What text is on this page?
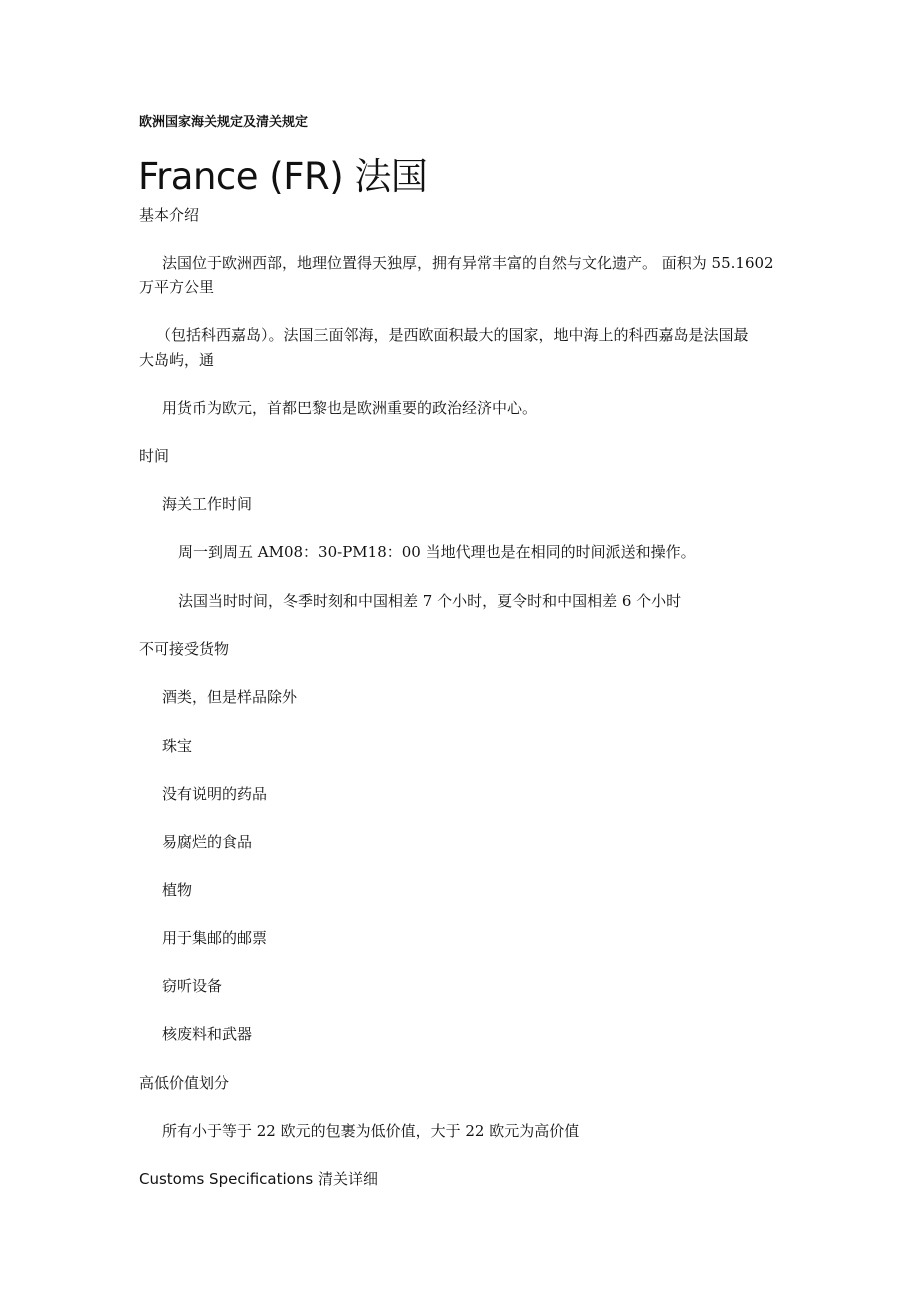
欧洲国家海关规定及清关规定
France (FR) 法国
基本介绍
法国位于欧洲西部，地理位置得天独厚，拥有异常丰富的自然与文化遗产。 面积为 55.1602
万平方公里
（包括科西嘉岛）。法国三面邻海，是西欧面积最大的国家，地中海上的科西嘉岛是法国最
大岛屿，通
用货币为欧元，首都巴黎也是欧洲重要的政治经济中心。
时间
海关工作时间
周一到周五 AM08：30-PM18：00 当地代理也是在相同的时间派送和操作。
法国当时时间，冬季时刻和中国相差 7 个小时，夏令时和中国相差 6 个小时
不可接受货物
酒类，但是样品除外
珠宝
没有说明的药品
易腐烂的食品
植物
用于集邮的邮票
窃听设备
核废料和武器
高低价值划分
所有小于等于 22 欧元的包裹为低价值，大于 22 欧元为高价值
Customs Specifications 清关详细
